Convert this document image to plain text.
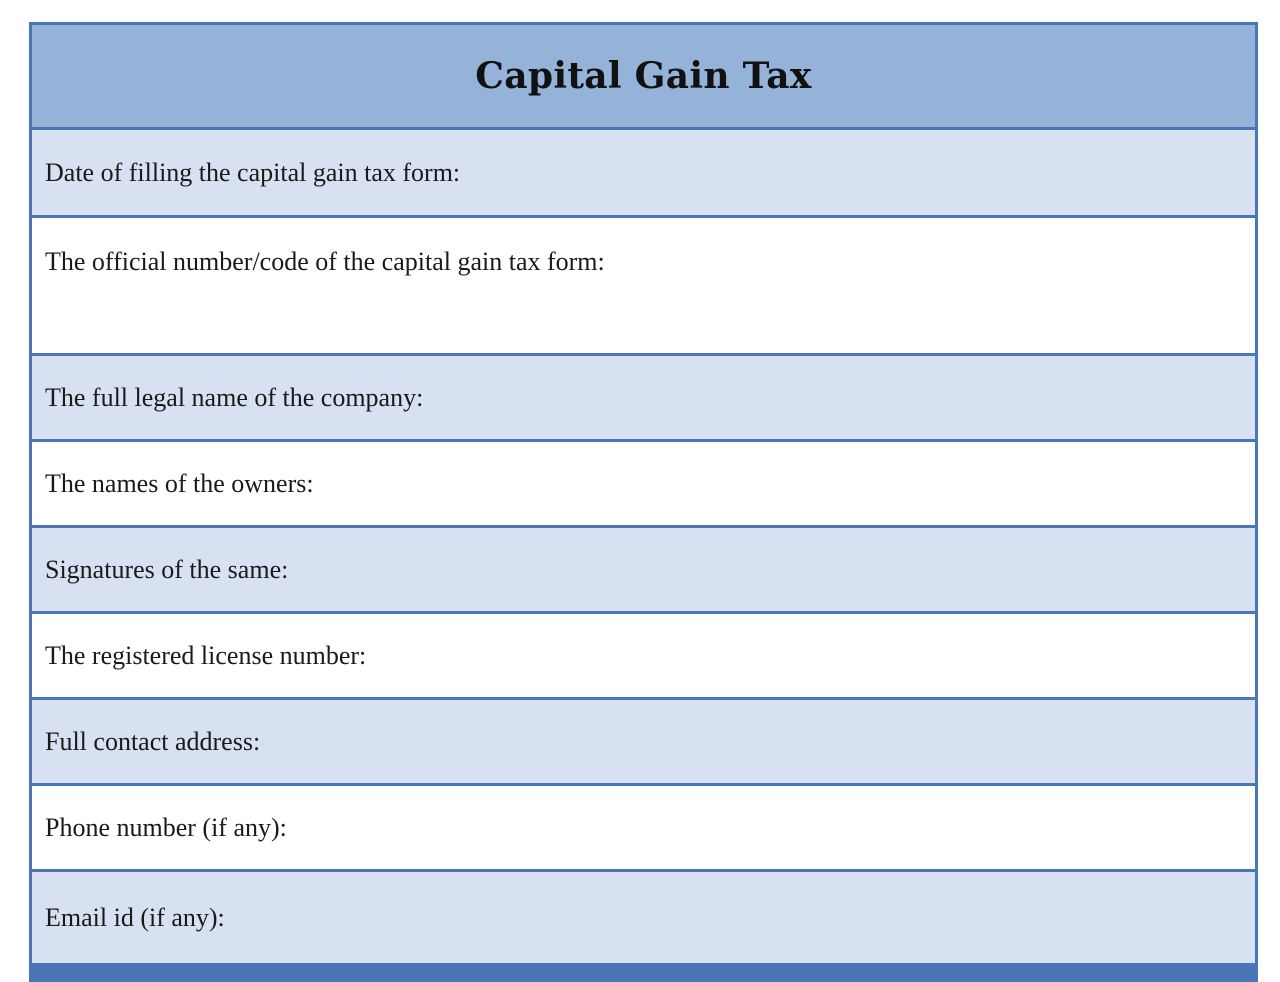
Capital Gain Tax
Date of filling the capital gain tax form:
The official number/code of the capital gain tax form:
The full legal name of the company:
The names of the owners:
Signatures of the same:
The registered license number:
Full contact address:
Phone number (if any):
Email id (if any):
